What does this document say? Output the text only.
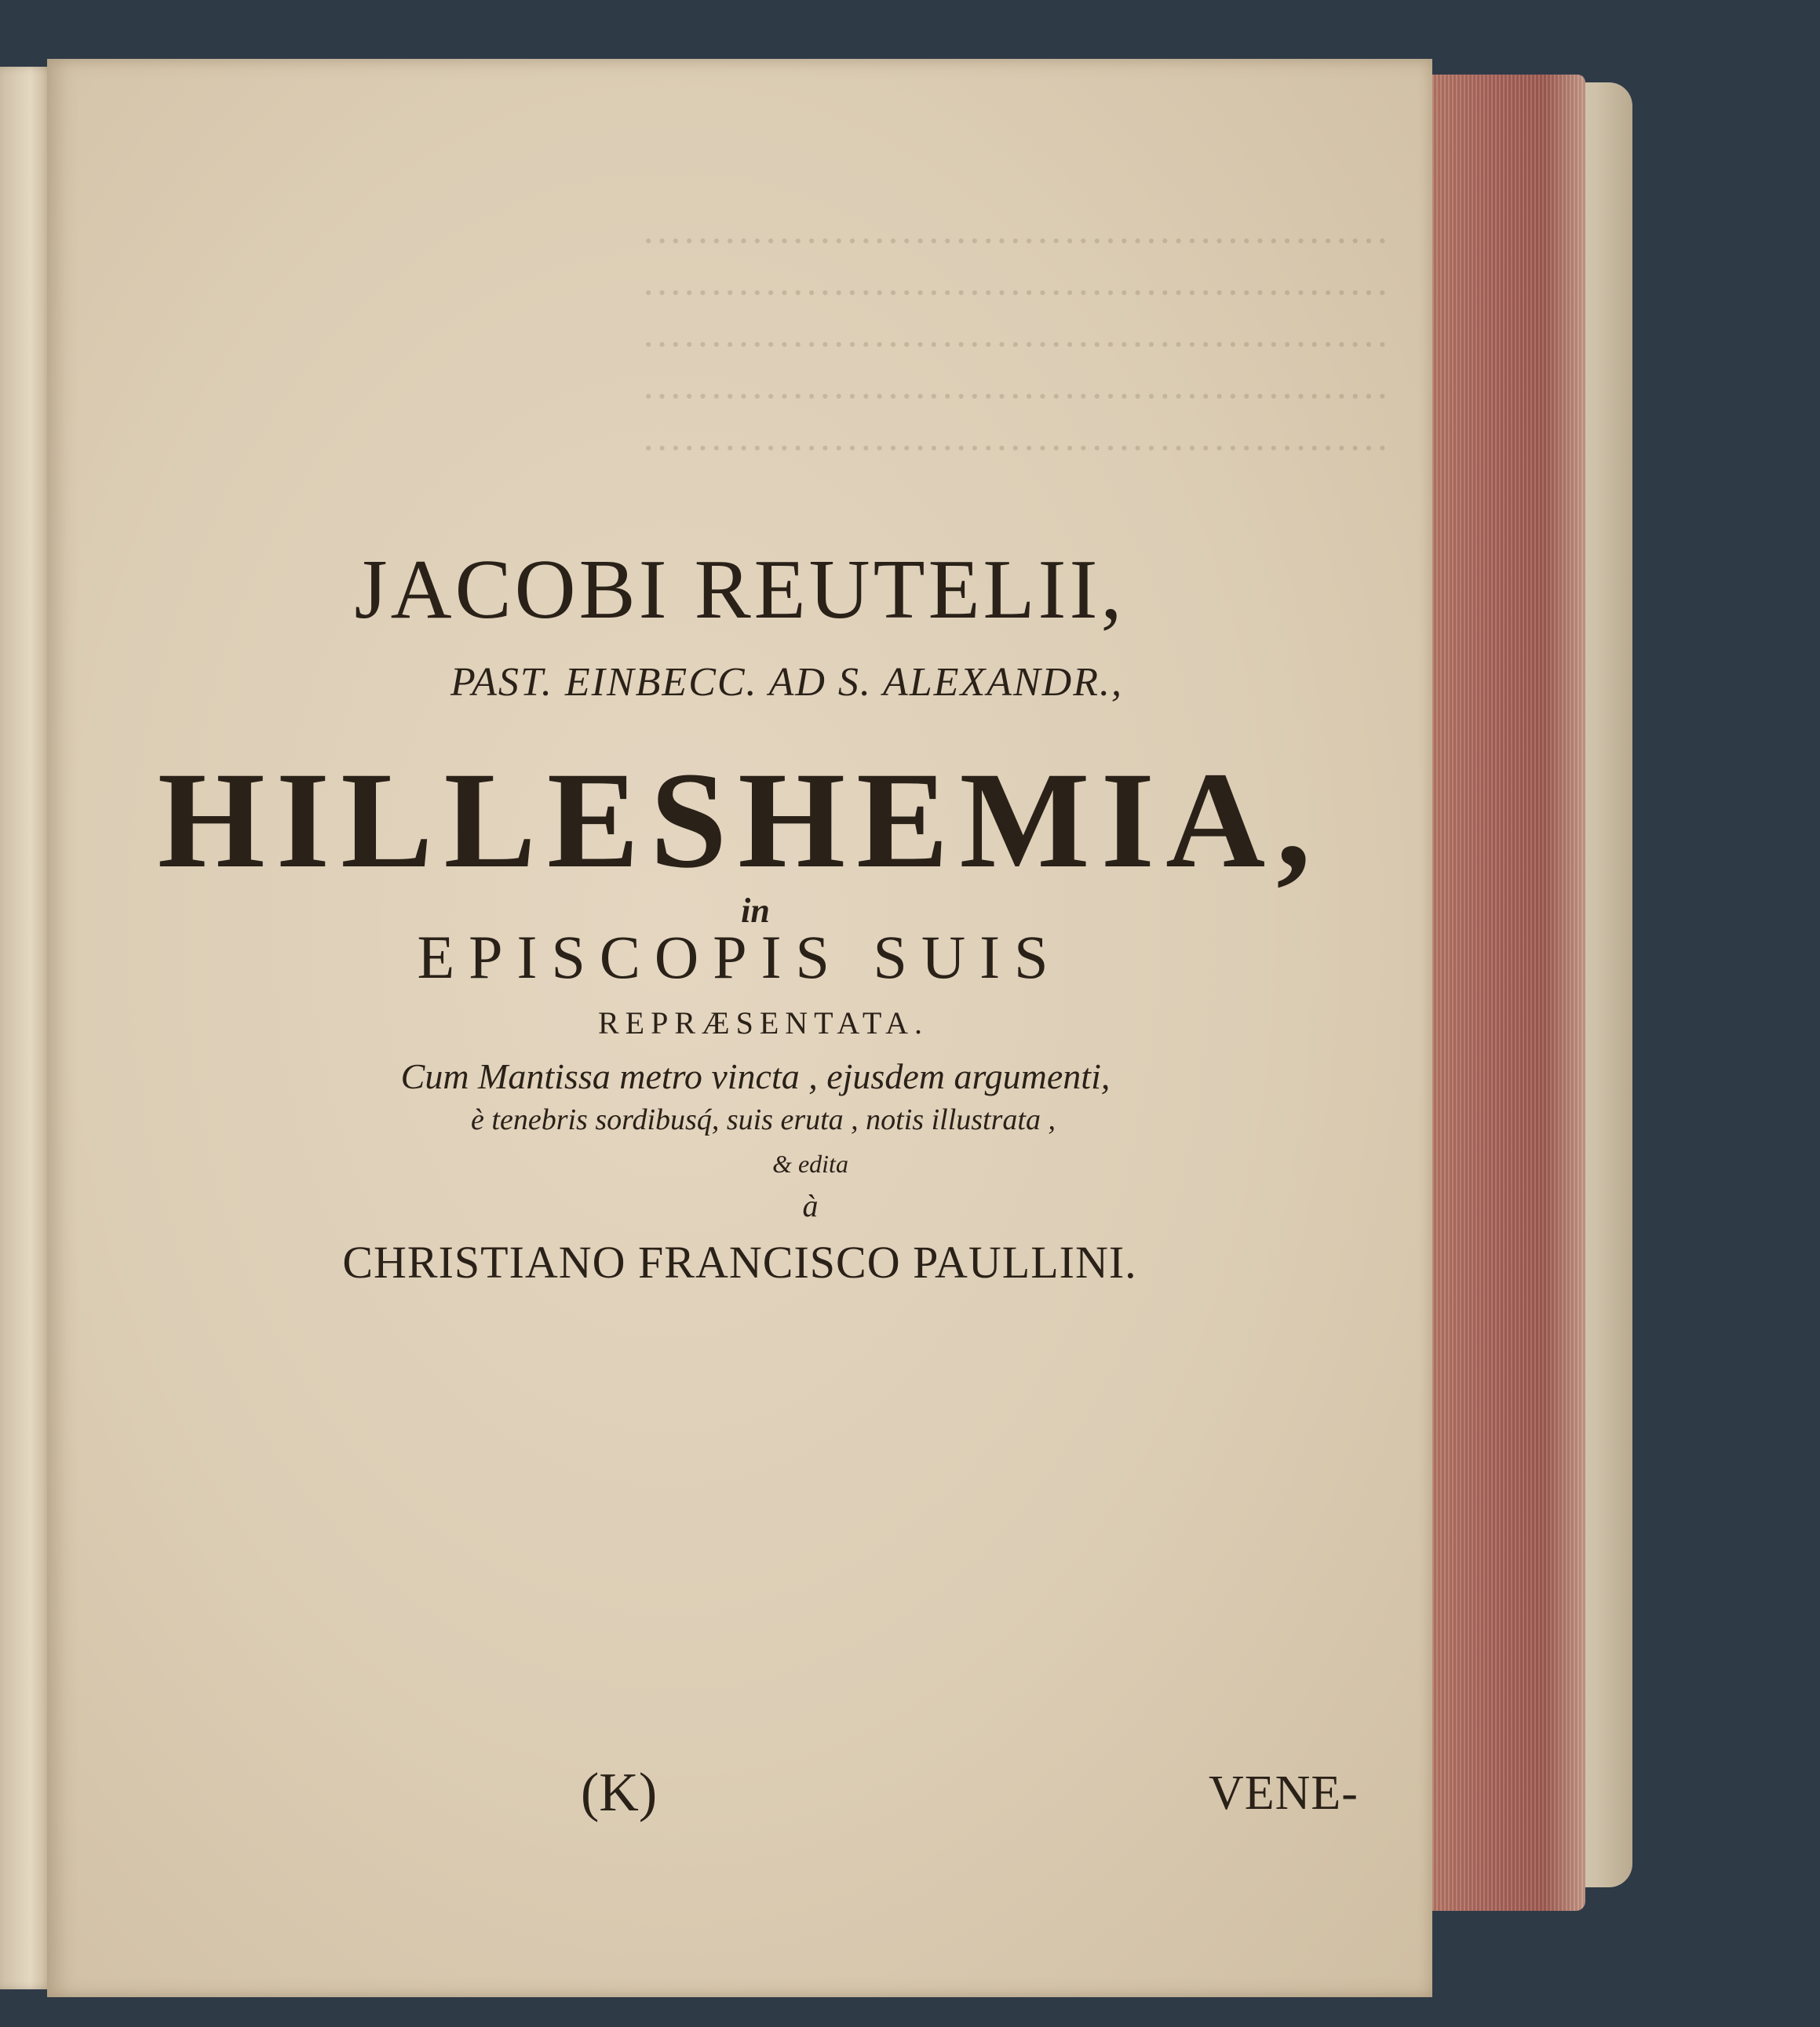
·······················································
·······················································
·······················································
·······················································
·······················································
JACOBI REUTELII,
PAST. EINBECC. AD S. ALEXANDR.,
HILLESHEMIA,
in
EPISCOPIS SUIS
REPRÆSENTATA.
Cum Mantissa metro vincta , ejusdem argumenti,
è tenebris sordibusq́, suis eruta , notis illustrata ,
& edita
à
CHRISTIANO FRANCISCO PAULLINI.
(K)	VENE-
